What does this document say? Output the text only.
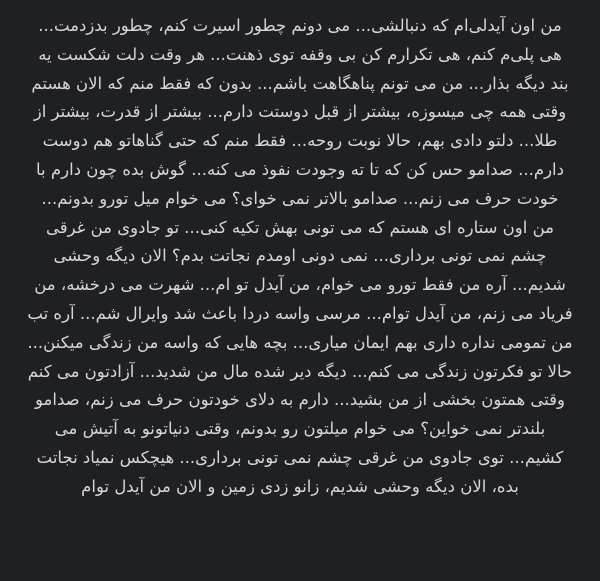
من اون آیدلی‌ام که دنبالشی... می دونم چطور اسیرت کنم، چطور بدزدمت...
هی پلی‌م کنم، هی تکرارم کن بی وقفه توی ذهنت... هر وقت دلت شکست یه
بند دیگه بذار... من می تونم پناهگاهت باشم... بدون که فقط منم که الان هستم
وقتی همه چی میسوزه، بیشتر از قبل دوستت دارم... بیشتر از قدرت، بیشتر از
طلا... دلتو دادی بهم، حالا نوبت روحه... فقط منم که حتی گناهاتو هم دوست
دارم... صدامو حس کن که تا ته وجودت نفوذ می کنه... گوش بده چون دارم با
خودت حرف می زنم... صدامو بالاتر نمی خوای؟ می خوام میل تورو بدونم...
من اون ستاره ای هستم که می تونی بهش تکیه کنی... تو جادوی من غرقی
چشم نمی تونی برداری... نمی دونی اومدم نجاتت بدم؟ الان دیگه وحشی
شدیم... آره من فقط تورو می خوام، من آیدل تو ام... شهرت می درخشه، من
فریاد می زنم، من آیدل توام... مرسی واسه دردا باعث شد وایرال شم... آره تب
من تمومی نداره داری بهم ایمان میاری... بچه هایی که واسه من زندگی میکنن...
حالا تو فکرتون زندگی می کنم... دیگه دیر شده مال من شدید... آزادتون می کنم
وقتی همتون بخشی از من بشید... دارم به دلای خودتون حرف می زنم، صدامو
بلندتر نمی خواین؟ می خوام میلتون رو بدونم، وقتی دنیاتونو به آتیش می
کشیم... توی جادوی من غرقی چشم نمی تونی برداری... هیچکس نمیاد نجاتت
بده، الان دیگه وحشی شدیم، زانو زدی زمین و الان من آیدل توام
